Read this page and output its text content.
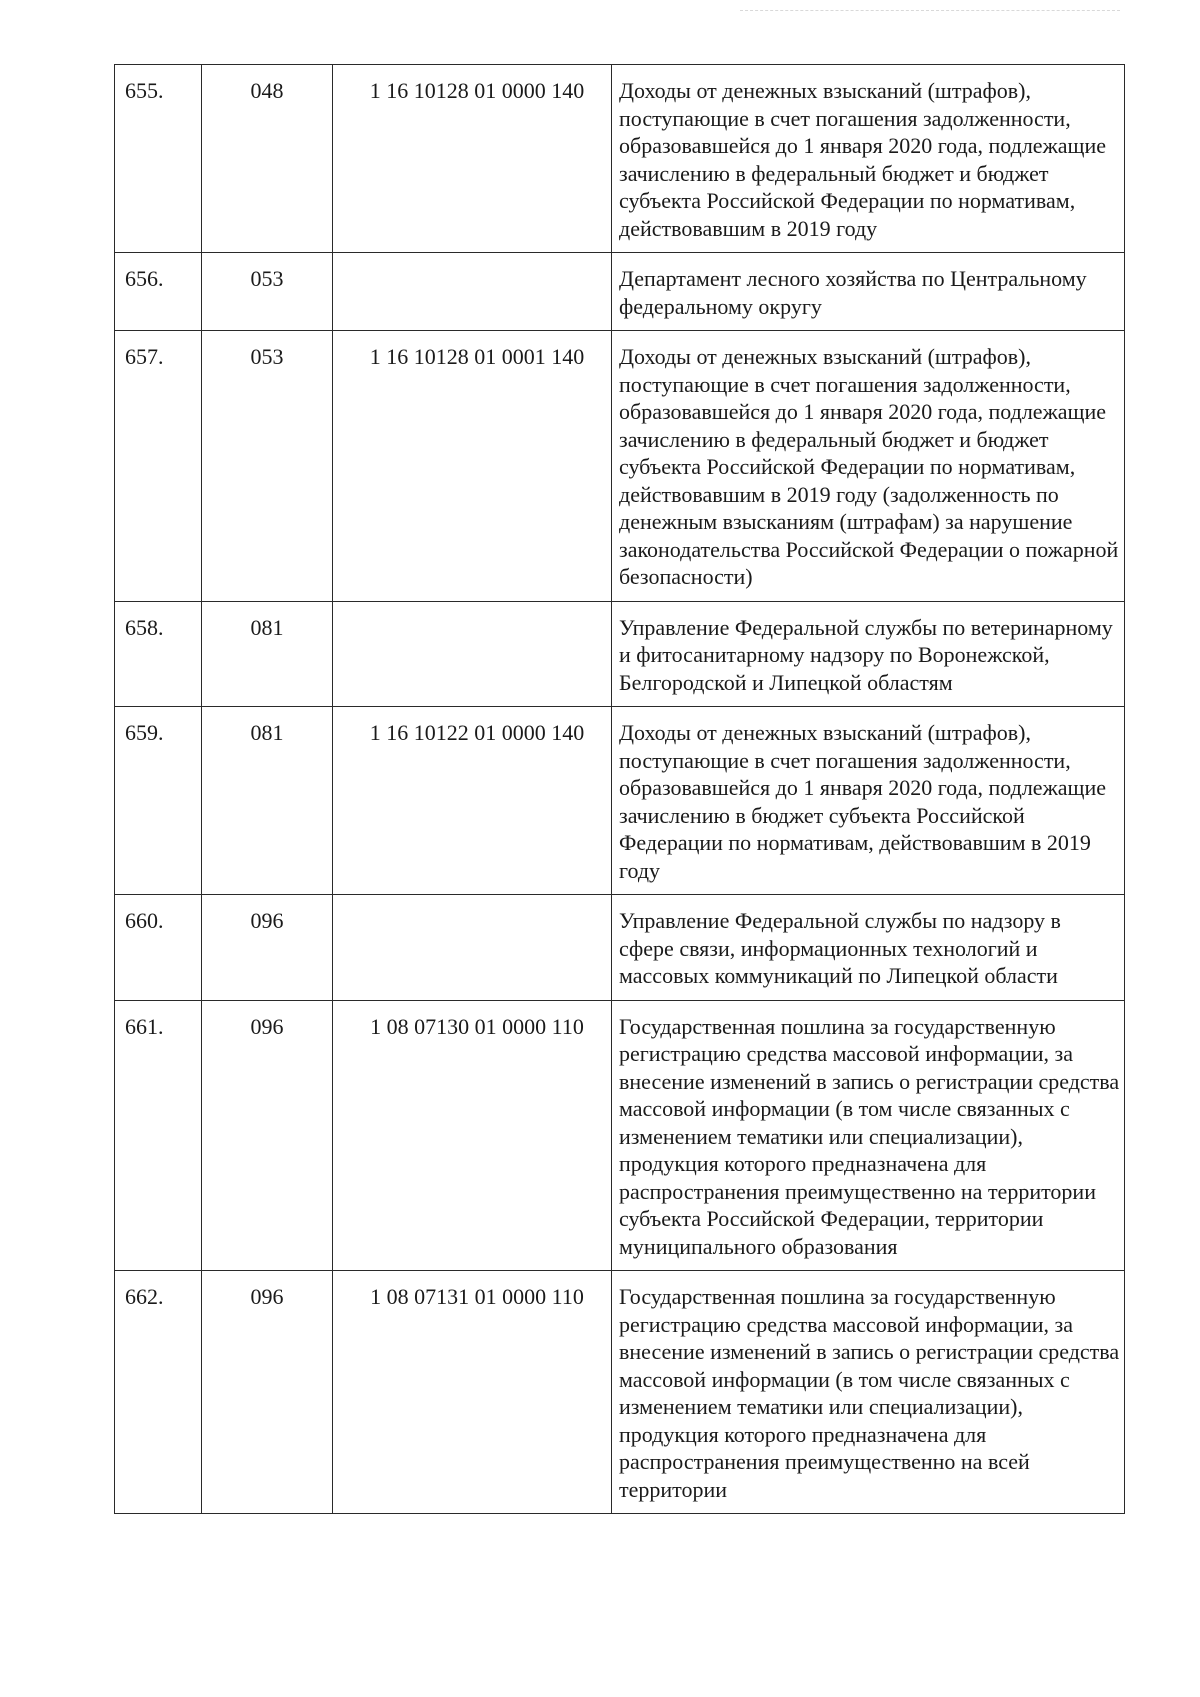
655.	048	1 16 10128 01 0000 140	Доходы от денежных взысканий (штрафов), поступающие в счет погашения задолженности, образовавшейся до 1 января 2020 года, подлежащие зачислению в федеральный бюджет и бюджет субъекта Российской Федерации по нормативам, действовавшим в 2019 году
656.	053		Департамент лесного хозяйства по Центральному федеральному округу
657.	053	1 16 10128 01 0001 140	Доходы от денежных взысканий (штрафов), поступающие в счет погашения задолженности, образовавшейся до 1 января 2020 года, подлежащие зачислению в федеральный бюджет и бюджет субъекта Российской Федерации по нормативам, действовавшим в 2019 году (задолженность по денежным взысканиям (штрафам) за нарушение законодательства Российской Федерации о пожарной безопасности)
658.	081		Управление Федеральной службы по ветеринарному и фитосанитарному надзору по Воронежской, Белгородской и Липецкой областям
659.	081	1 16 10122 01 0000 140	Доходы от денежных взысканий (штрафов), поступающие в счет погашения задолженности, образовавшейся до 1 января 2020 года, подлежащие зачислению в бюджет субъекта Российской Федерации по нормативам, действовавшим в 2019 году
660.	096		Управление Федеральной службы по надзору в сфере связи, информационных технологий и массовых коммуникаций по Липецкой области
661.	096	1 08 07130 01 0000 110	Государственная пошлина за государственную регистрацию средства массовой информации, за внесение изменений в запись о регистрации средства массовой информации (в том числе связанных с изменением тематики или специализации), продукция которого предназначена для распространения преимущественно на территории субъекта Российской Федерации, территории муниципального образования
662.	096	1 08 07131 01 0000 110	Государственная пошлина за государственную регистрацию средства массовой информации, за внесение изменений в запись о регистрации средства массовой информации (в том числе связанных с изменением тематики или специализации), продукция которого предназначена для распространения преимущественно на всей территории
